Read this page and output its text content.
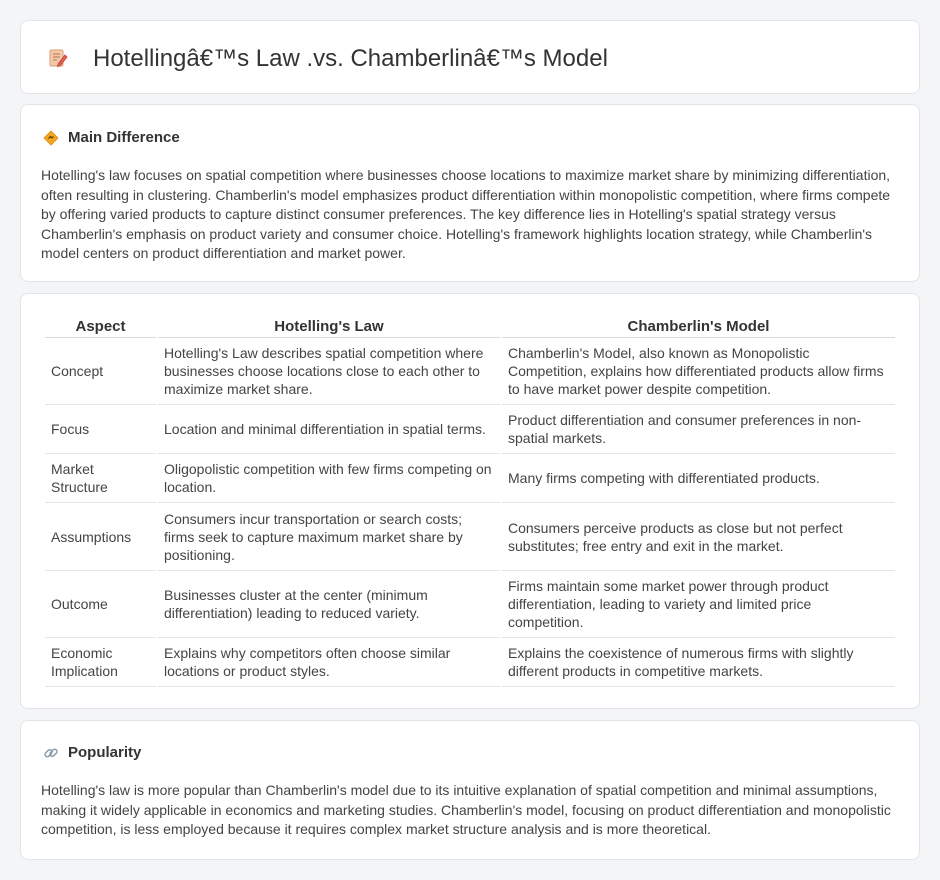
Hotellingâ€™s Law .vs. Chamberlinâ€™s Model
Main Difference

Hotelling's law focuses on spatial competition where businesses choose locations to maximize market share by minimizing differentiation, often resulting in clustering. Chamberlin's model emphasizes product differentiation within monopolistic competition, where firms compete by offering varied products to capture distinct consumer preferences. The key difference lies in Hotelling's spatial strategy versus Chamberlin's emphasis on product variety and consumer choice. Hotelling's framework highlights location strategy, while Chamberlin's model centers on product differentiation and market power.

Aspect	Hotelling's Law	Chamberlin's Model
Concept	Hotelling's Law describes spatial competition where businesses choose locations close to each other to maximize market share.	Chamberlin's Model, also known as Monopolistic Competition, explains how differentiated products allow firms to have market power despite competition.
Focus	Location and minimal differentiation in spatial terms.	Product differentiation and consumer preferences in non-spatial markets.
Market Structure	Oligopolistic competition with few firms competing on location.	Many firms competing with differentiated products.
Assumptions	Consumers incur transportation or search costs; firms seek to capture maximum market share by positioning.	Consumers perceive products as close but not perfect substitutes; free entry and exit in the market.
Outcome	Businesses cluster at the center (minimum differentiation) leading to reduced variety.	Firms maintain some market power through product differentiation, leading to variety and limited price competition.
Economic Implication	Explains why competitors often choose similar locations or product styles.	Explains the coexistence of numerous firms with slightly different products in competitive markets.
Popularity

Hotelling's law is more popular than Chamberlin's model due to its intuitive explanation of spatial competition and minimal assumptions, making it widely applicable in economics and marketing studies. Chamberlin's model, focusing on product differentiation and monopolistic competition, is less employed because it requires complex market structure analysis and is more theoretical.
